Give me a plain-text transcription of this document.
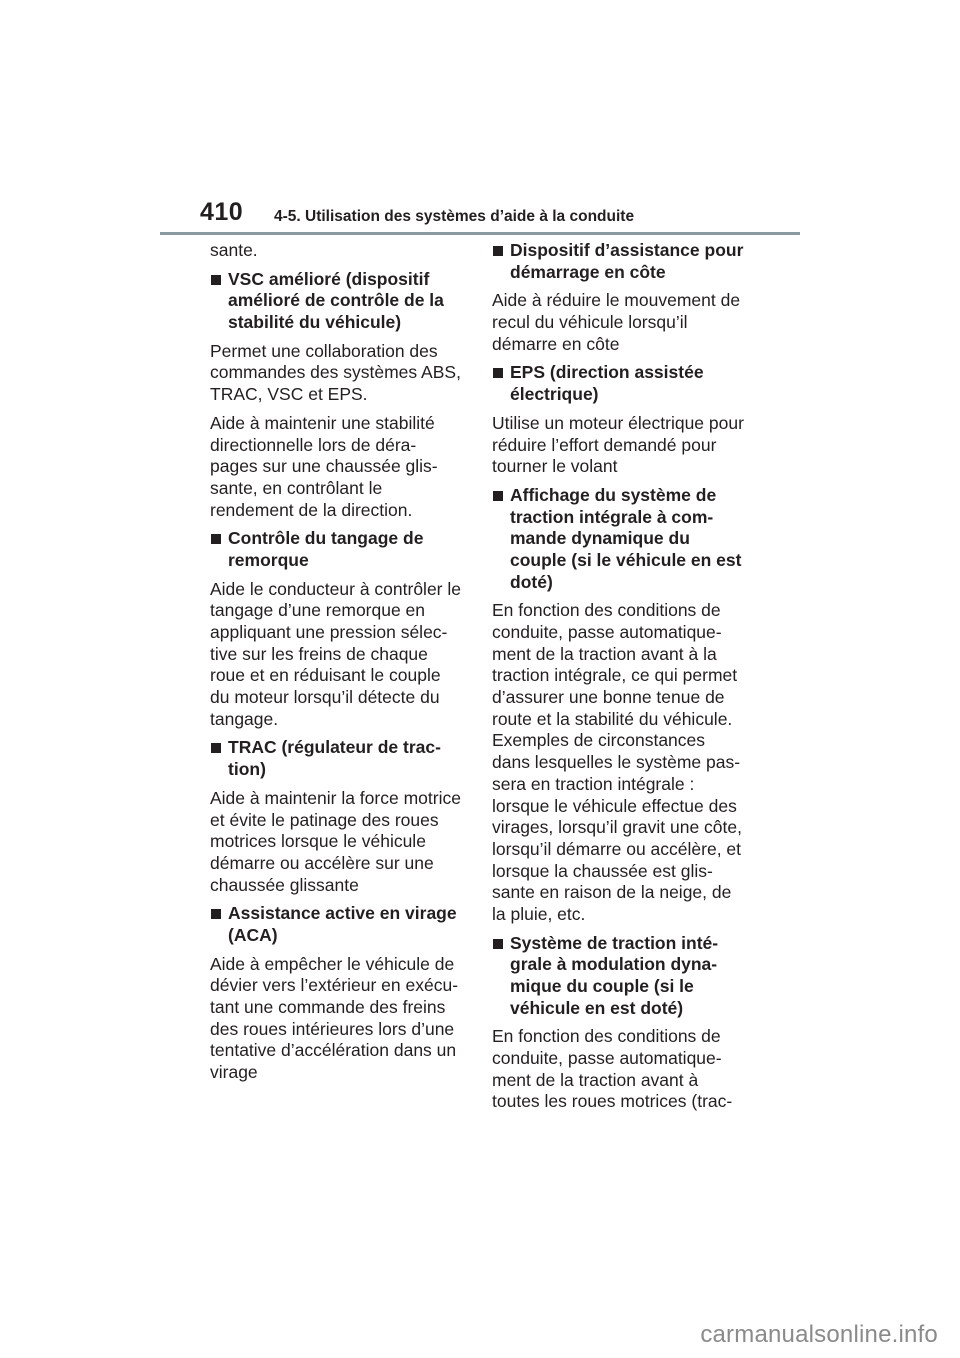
410 4-5. Utilisation des systèmes d’aide à la conduite
sante.
VSC amélioré (dispositif
amélioré de contrôle de la
stabilité du véhicule)
Permet une collaboration des
commandes des systèmes ABS,
TRAC, VSC et EPS.
Aide à maintenir une stabilité
directionnelle lors de déra-
pages sur une chaussée glis-
sante, en contrôlant le
rendement de la direction.
Contrôle du tangage de
remorque
Aide le conducteur à contrôler le
tangage d’une remorque en
appliquant une pression sélec-
tive sur les freins de chaque
roue et en réduisant le couple
du moteur lorsqu’il détecte du
tangage.
TRAC (régulateur de trac-
tion)
Aide à maintenir la force motrice
et évite le patinage des roues
motrices lorsque le véhicule
démarre ou accélère sur une
chaussée glissante
Assistance active en virage
(ACA)
Aide à empêcher le véhicule de
dévier vers l’extérieur en exécu-
tant une commande des freins
des roues intérieures lors d’une
tentative d’accélération dans un
virage
Dispositif d’assistance pour
démarrage en côte
Aide à réduire le mouvement de
recul du véhicule lorsqu’il
démarre en côte
EPS (direction assistée
électrique)
Utilise un moteur électrique pour
réduire l’effort demandé pour
tourner le volant
Affichage du système de
traction intégrale à com-
mande dynamique du
couple (si le véhicule en est
doté)
En fonction des conditions de
conduite, passe automatique-
ment de la traction avant à la
traction intégrale, ce qui permet
d’assurer une bonne tenue de
route et la stabilité du véhicule.
Exemples de circonstances
dans lesquelles le système pas-
sera en traction intégrale :
lorsque le véhicule effectue des
virages, lorsqu’il gravit une côte,
lorsqu’il démarre ou accélère, et
lorsque la chaussée est glis-
sante en raison de la neige, de
la pluie, etc.
Système de traction inté-
grale à modulation dyna-
mique du couple (si le
véhicule en est doté)
En fonction des conditions de
conduite, passe automatique-
ment de la traction avant à
toutes les roues motrices (trac-
carmanualsonline.info
